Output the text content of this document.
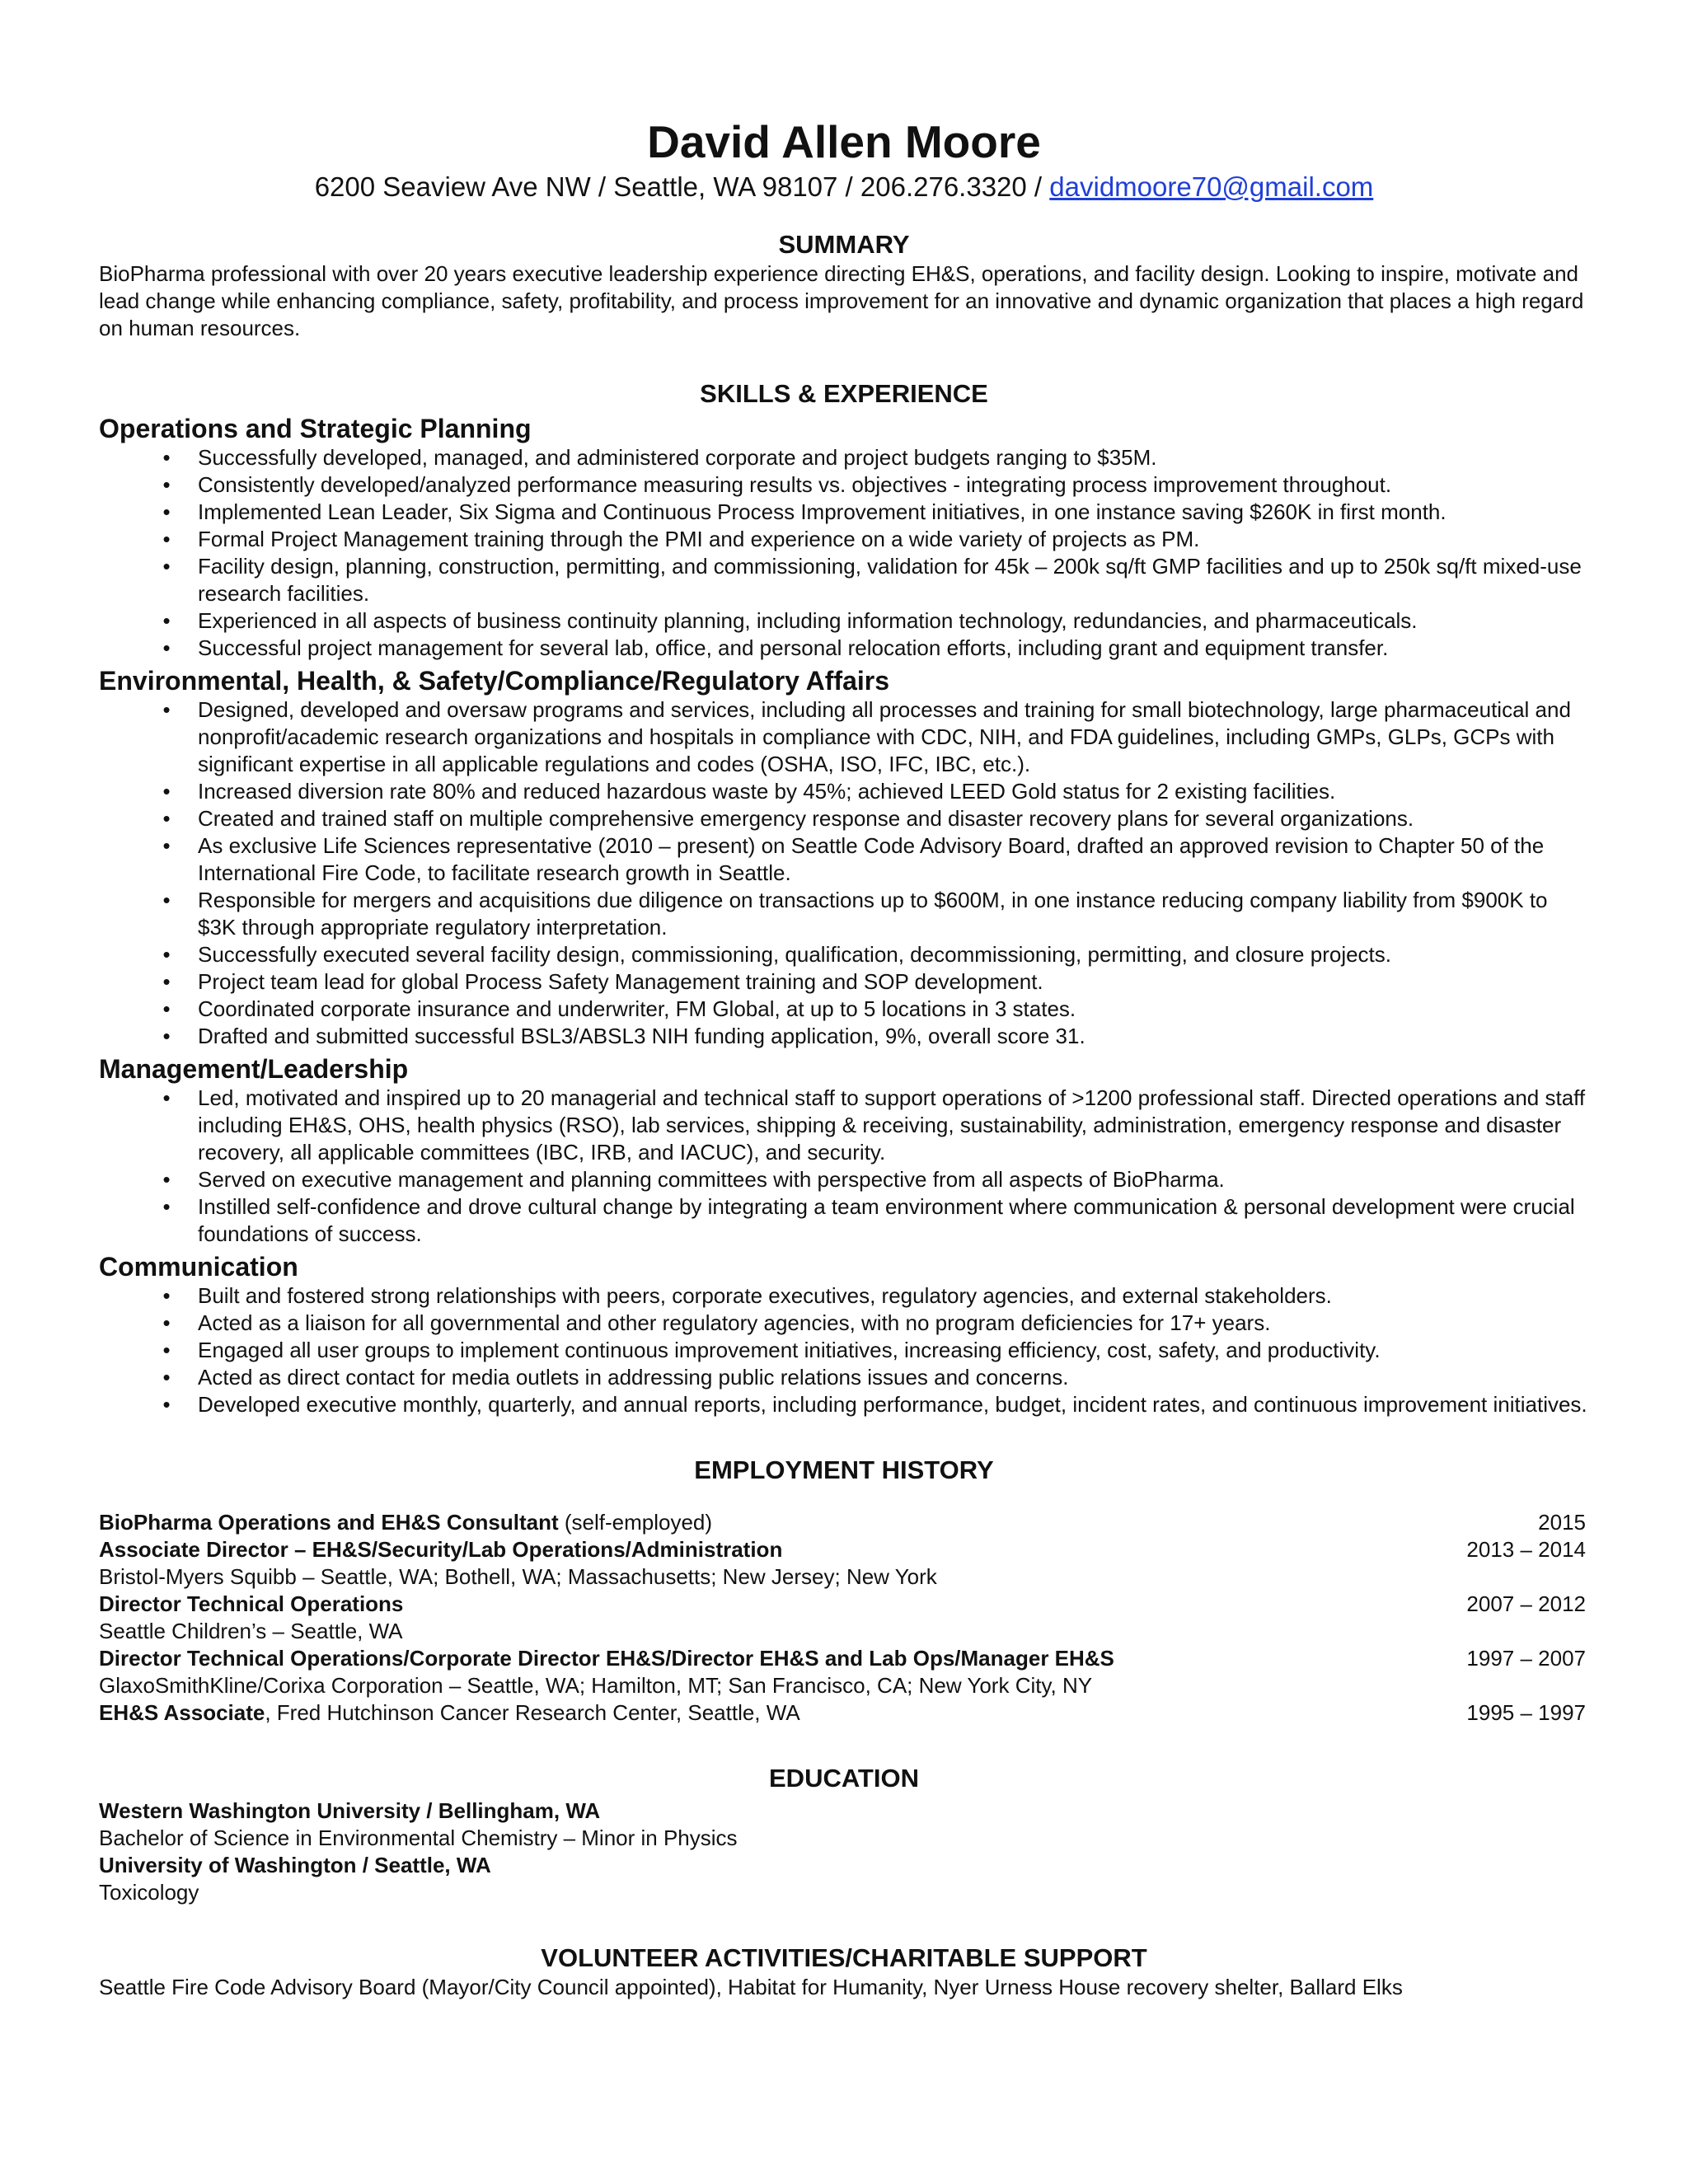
David Allen Moore
6200 Seaview Ave NW / Seattle, WA 98107 / 206.276.3320 / davidmoore70@gmail.com
SUMMARY

BioPharma professional with over 20 years executive leadership experience directing EH&S, operations, and facility design. Looking to inspire, motivate and lead change while enhancing compliance, safety, profitability, and process improvement for an innovative and dynamic organization that places a high regard on human resources.

SKILLS & EXPERIENCE
Operations and Strategic Planning
• Successfully developed, managed, and administered corporate and project budgets ranging to $35M.
• Consistently developed/analyzed performance measuring results vs. objectives - integrating process improvement throughout.
• Implemented Lean Leader, Six Sigma and Continuous Process Improvement initiatives, in one instance saving $260K in first month.
• Formal Project Management training through the PMI and experience on a wide variety of projects as PM.
• Facility design, planning, construction, permitting, and commissioning, validation for 45k – 200k sq/ft GMP facilities and up to 250k sq/ft mixed-use research facilities.
• Experienced in all aspects of business continuity planning, including information technology, redundancies, and pharmaceuticals.
• Successful project management for several lab, office, and personal relocation efforts, including grant and equipment transfer.
Environmental, Health, & Safety/Compliance/Regulatory Affairs
• Designed, developed and oversaw programs and services, including all processes and training for small biotechnology, large pharmaceutical and nonprofit/academic research organizations and hospitals in compliance with CDC, NIH, and FDA guidelines, including GMPs, GLPs, GCPs with significant expertise in all applicable regulations and codes (OSHA, ISO, IFC, IBC, etc.).
• Increased diversion rate 80% and reduced hazardous waste by 45%; achieved LEED Gold status for 2 existing facilities.
• Created and trained staff on multiple comprehensive emergency response and disaster recovery plans for several organizations.
• As exclusive Life Sciences representative (2010 – present) on Seattle Code Advisory Board, drafted an approved revision to Chapter 50 of the International Fire Code, to facilitate research growth in Seattle.
• Responsible for mergers and acquisitions due diligence on transactions up to $600M, in one instance reducing company liability from $900K to $3K through appropriate regulatory interpretation.
• Successfully executed several facility design, commissioning, qualification, decommissioning, permitting, and closure projects.
• Project team lead for global Process Safety Management training and SOP development.
• Coordinated corporate insurance and underwriter, FM Global, at up to 5 locations in 3 states.
• Drafted and submitted successful BSL3/ABSL3 NIH funding application, 9%, overall score 31.
Management/Leadership
• Led, motivated and inspired up to 20 managerial and technical staff to support operations of >1200 professional staff. Directed operations and staff including EH&S, OHS, health physics (RSO), lab services, shipping & receiving, sustainability, administration, emergency response and disaster recovery, all applicable committees (IBC, IRB, and IACUC), and security.
• Served on executive management and planning committees with perspective from all aspects of BioPharma.
• Instilled self-confidence and drove cultural change by integrating a team environment where communication & personal development were crucial foundations of success.
Communication
• Built and fostered strong relationships with peers, corporate executives, regulatory agencies, and external stakeholders.
• Acted as a liaison for all governmental and other regulatory agencies, with no program deficiencies for 17+ years.
• Engaged all user groups to implement continuous improvement initiatives, increasing efficiency, cost, safety, and productivity.
• Acted as direct contact for media outlets in addressing public relations issues and concerns.
• Developed executive monthly, quarterly, and annual reports, including performance, budget, incident rates, and continuous improvement initiatives.
EMPLOYMENT HISTORY
BioPharma Operations and EH&S Consultant (self-employed)	2015
Associate Director – EH&S/Security/Lab Operations/Administration	2013 – 2014
Bristol-Myers Squibb – Seattle, WA; Bothell, WA; Massachusetts; New Jersey; New York
Director Technical Operations	2007 – 2012
Seattle Children’s – Seattle, WA
Director Technical Operations/Corporate Director EH&S/Director EH&S and Lab Ops/Manager EH&S	1997 – 2007
GlaxoSmithKline/Corixa Corporation – Seattle, WA; Hamilton, MT; San Francisco, CA; New York City, NY
EH&S Associate, Fred Hutchinson Cancer Research Center, Seattle, WA	1995 – 1997
EDUCATION
Western Washington University / Bellingham, WA
Bachelor of Science in Environmental Chemistry – Minor in Physics
University of Washington / Seattle, WA
Toxicology
VOLUNTEER ACTIVITIES/CHARITABLE SUPPORT

Seattle Fire Code Advisory Board (Mayor/City Council appointed), Habitat for Humanity, Nyer Urness House recovery shelter, Ballard Elks
